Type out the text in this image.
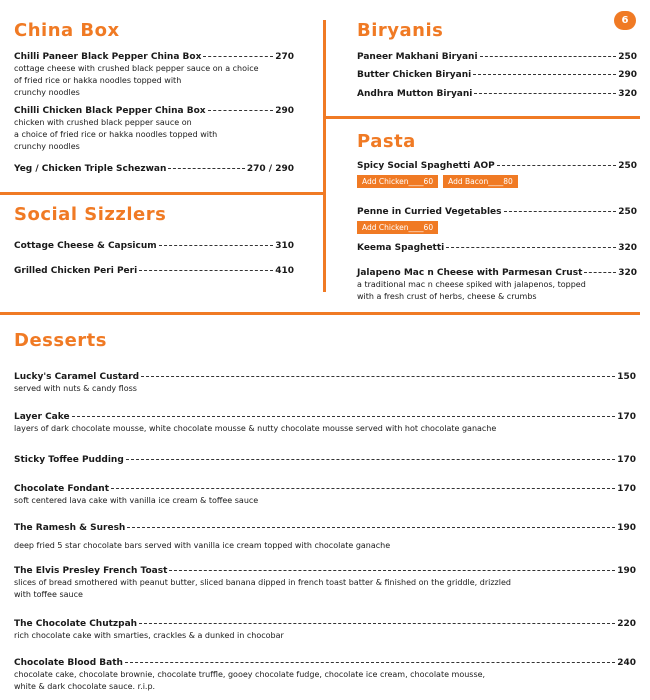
6
China Box
Chilli Paneer Black Pepper China Box	270
cottage cheese with crushed black pepper sauce on a choice
of fried rice or hakka noodles topped with
crunchy noodles
Chilli Chicken Black Pepper China Box	290
chicken with crushed black pepper sauce on
a choice of fried rice or hakka noodles topped with
crunchy noodles
Yeg / Chicken Triple Schezwan	270 / 290
Social Sizzlers
Cottage Cheese & Capsicum	310
Grilled Chicken Peri Peri	410
Biryanis
Paneer Makhani Biryani	250
Butter Chicken Biryani	290
Andhra Mutton Biryani	320
Pasta
Spicy Social Spaghetti AOP	250
Add Chicken____60	Add Bacon____80
Penne in Curried Vegetables	250
Add Chicken____60
Keema Spaghetti	320
Jalapeno Mac n Cheese with Parmesan Crust	320
a traditional mac n cheese spiked with jalapenos, topped
with a fresh crust of herbs, cheese & crumbs
Desserts
Lucky's Caramel Custard	150
served with nuts & candy floss
Layer Cake	170
layers of dark chocolate mousse, white chocolate mousse & nutty chocolate mousse served with hot chocolate ganache
Sticky Toffee Pudding	170
Chocolate Fondant	170
soft centered lava cake with vanilla ice cream & toffee sauce
The Ramesh & Suresh	190
deep fried 5 star chocolate bars served with vanilla ice cream topped with chocolate ganache
The Elvis Presley French Toast	190
slices of bread smothered with peanut butter, sliced banana dipped in french toast batter & finished on the griddle, drizzled
with toffee sauce
The Chocolate Chutzpah	220
rich chocolate cake with smarties, crackles & a dunked in chocobar
Chocolate Blood Bath	240
chocolate cake, chocolate brownie, chocolate truffle, gooey chocolate fudge, chocolate ice cream, chocolate mousse,
white & dark chocolate sauce. r.i.p.
